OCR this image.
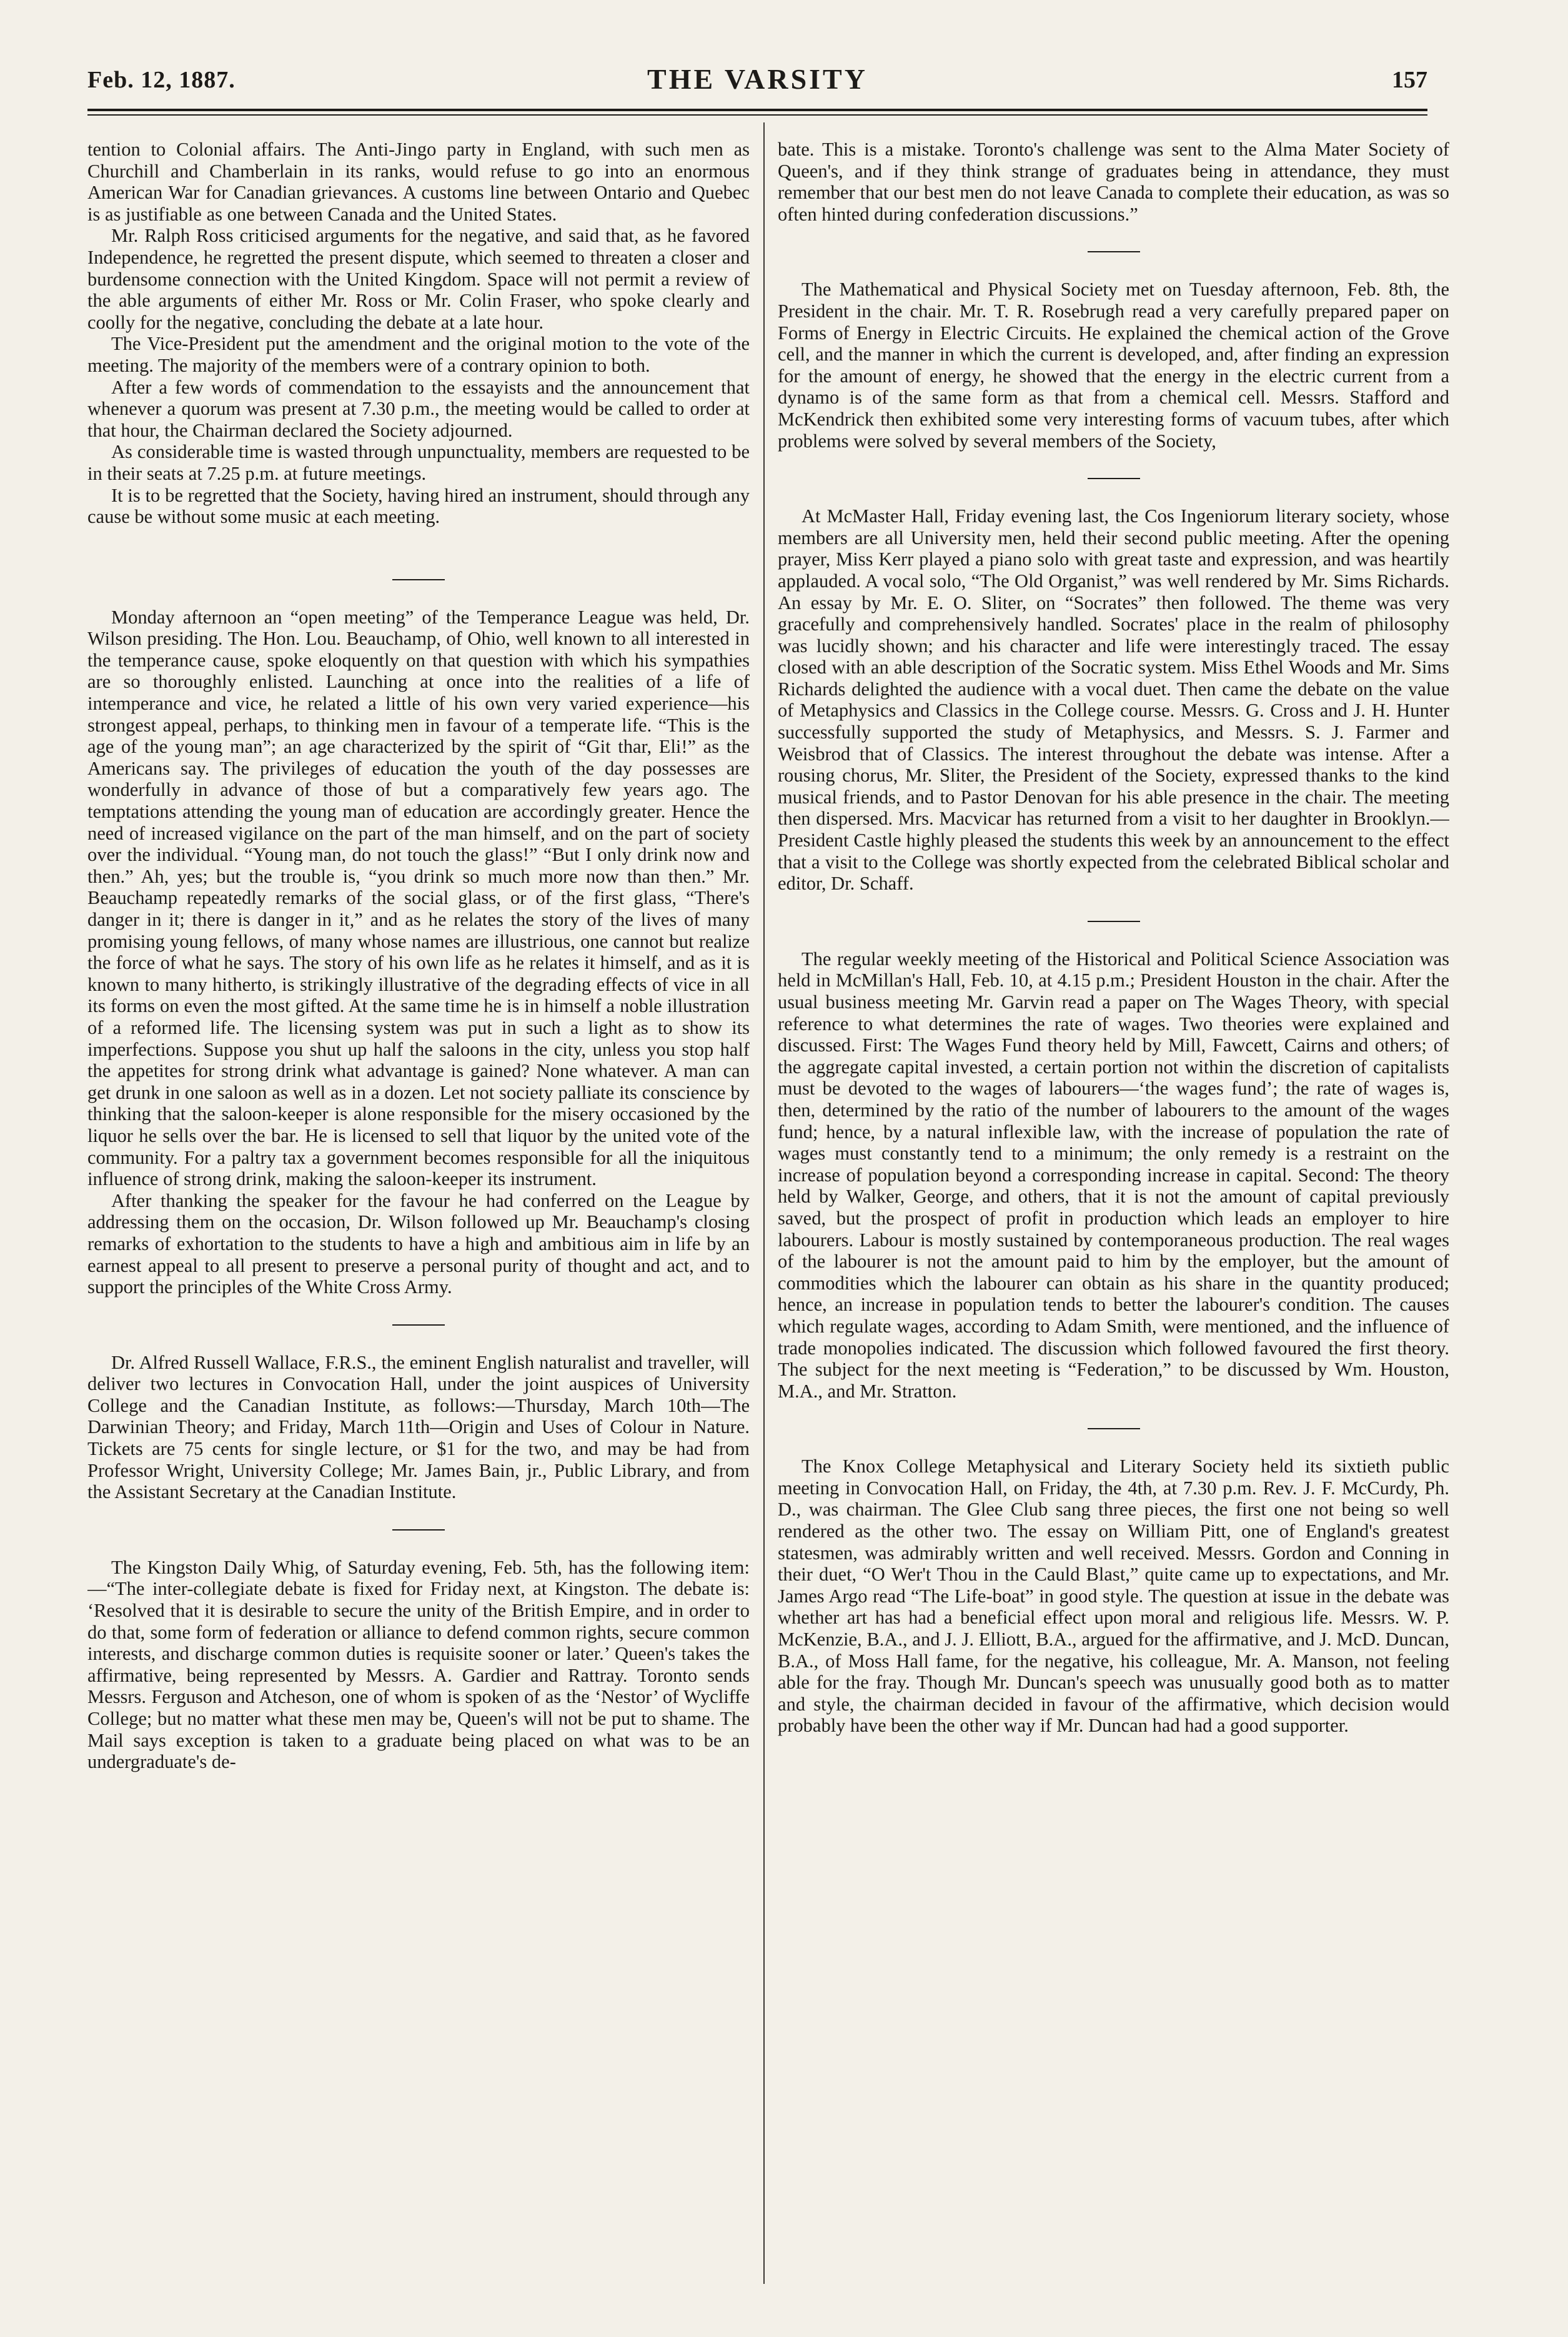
Feb. 12, 1887.	THE VARSITY	157

tention to Colonial affairs. The Anti-Jingo party in England, with such men as Churchill and Chamberlain in its ranks, would refuse to go into an enormous American War for Canadian grievances. A customs line between Ontario and Quebec is as justifiable as one between Canada and the United States.

Mr. Ralph Ross criticised arguments for the negative, and said that, as he favored Independence, he regretted the present dispute, which seemed to threaten a closer and burdensome connection with the United Kingdom. Space will not permit a review of the able arguments of either Mr. Ross or Mr. Colin Fraser, who spoke clearly and coolly for the negative, concluding the debate at a late hour.

The Vice-President put the amendment and the original motion to the vote of the meeting. The majority of the members were of a contrary opinion to both.

After a few words of commendation to the essayists and the announcement that whenever a quorum was present at 7.30 p.m., the meeting would be called to order at that hour, the Chairman declared the Society adjourned.

As considerable time is wasted through unpunctuality, members are requested to be in their seats at 7.25 p.m. at future meetings.

It is to be regretted that the Society, having hired an instrument, should through any cause be without some music at each meeting.

Monday afternoon an “open meeting” of the Temperance League was held, Dr. Wilson presiding. The Hon. Lou. Beauchamp, of Ohio, well known to all interested in the temperance cause, spoke eloquently on that question with which his sympathies are so thoroughly enlisted. Launching at once into the realities of a life of intemperance and vice, he related a little of his own very varied experience—his strongest appeal, perhaps, to thinking men in favour of a temperate life. “This is the age of the young man”; an age characterized by the spirit of “Git thar, Eli!” as the Americans say. The privileges of education the youth of the day possesses are wonderfully in advance of those of but a comparatively few years ago. The temptations attending the young man of education are accordingly greater. Hence the need of increased vigilance on the part of the man himself, and on the part of society over the individual. “Young man, do not touch the glass!” “But I only drink now and then.” Ah, yes; but the trouble is, “you drink so much more now than then.” Mr. Beauchamp repeatedly remarks of the social glass, or of the first glass, “There's danger in it; there is danger in it,” and as he relates the story of the lives of many promising young fellows, of many whose names are illustrious, one cannot but realize the force of what he says. The story of his own life as he relates it himself, and as it is known to many hitherto, is strikingly illustrative of the degrading effects of vice in all its forms on even the most gifted. At the same time he is in himself a noble illustration of a reformed life. The licensing system was put in such a light as to show its imperfections. Suppose you shut up half the saloons in the city, unless you stop half the appetites for strong drink what advantage is gained? None whatever. A man can get drunk in one saloon as well as in a dozen. Let not society palliate its conscience by thinking that the saloon-keeper is alone responsible for the misery occasioned by the liquor he sells over the bar. He is licensed to sell that liquor by the united vote of the community. For a paltry tax a government becomes responsible for all the iniquitous influence of strong drink, making the saloon-keeper its instrument.

After thanking the speaker for the favour he had conferred on the League by addressing them on the occasion, Dr. Wilson followed up Mr. Beauchamp's closing remarks of exhortation to the students to have a high and ambitious aim in life by an earnest appeal to all present to preserve a personal purity of thought and act, and to support the principles of the White Cross Army.

Dr. Alfred Russell Wallace, F.R.S., the eminent English naturalist and traveller, will deliver two lectures in Convocation Hall, under the joint auspices of University College and the Canadian Institute, as follows:—Thursday, March 10th—The Darwinian Theory; and Friday, March 11th—Origin and Uses of Colour in Nature. Tickets are 75 cents for single lecture, or $1 for the two, and may be had from Professor Wright, University College; Mr. James Bain, jr., Public Library, and from the Assistant Secretary at the Canadian Institute.

The Kingston Daily Whig, of Saturday evening, Feb. 5th, has the following item:—“The inter-collegiate debate is fixed for Friday next, at Kingston. The debate is: ‘Resolved that it is desirable to secure the unity of the British Empire, and in order to do that, some form of federation or alliance to defend common rights, secure common interests, and discharge common duties is requisite sooner or later.’ Queen's takes the affirmative, being represented by Messrs. A. Gardier and Rattray. Toronto sends Messrs. Ferguson and Atcheson, one of whom is spoken of as the ‘Nestor’ of Wycliffe College; but no matter what these men may be, Queen's will not be put to shame. The Mail says exception is taken to a graduate being placed on what was to be an undergraduate's de-

bate. This is a mistake. Toronto's challenge was sent to the Alma Mater Society of Queen's, and if they think strange of graduates being in attendance, they must remember that our best men do not leave Canada to complete their education, as was so often hinted during confederation discussions.”

The Mathematical and Physical Society met on Tuesday afternoon, Feb. 8th, the President in the chair. Mr. T. R. Rosebrugh read a very carefully prepared paper on Forms of Energy in Electric Circuits. He explained the chemical action of the Grove cell, and the manner in which the current is developed, and, after finding an expression for the amount of energy, he showed that the energy in the electric current from a dynamo is of the same form as that from a chemical cell. Messrs. Stafford and McKendrick then exhibited some very interesting forms of vacuum tubes, after which problems were solved by several members of the Society,

At McMaster Hall, Friday evening last, the Cos Ingeniorum literary society, whose members are all University men, held their second public meeting. After the opening prayer, Miss Kerr played a piano solo with great taste and expression, and was heartily applauded. A vocal solo, “The Old Organist,” was well rendered by Mr. Sims Richards. An essay by Mr. E. O. Sliter, on “Socrates” then followed. The theme was very gracefully and comprehensively handled. Socrates' place in the realm of philosophy was lucidly shown; and his character and life were interestingly traced. The essay closed with an able description of the Socratic system. Miss Ethel Woods and Mr. Sims Richards delighted the audience with a vocal duet. Then came the debate on the value of Metaphysics and Classics in the College course. Messrs. G. Cross and J. H. Hunter successfully supported the study of Metaphysics, and Messrs. S. J. Farmer and Weisbrod that of Classics. The interest throughout the debate was intense. After a rousing chorus, Mr. Sliter, the President of the Society, expressed thanks to the kind musical friends, and to Pastor Denovan for his able presence in the chair. The meeting then dispersed. Mrs. Macvicar has returned from a visit to her daughter in Brooklyn.—President Castle highly pleased the students this week by an announcement to the effect that a visit to the College was shortly expected from the celebrated Biblical scholar and editor, Dr. Schaff.

The regular weekly meeting of the Historical and Political Science Association was held in McMillan's Hall, Feb. 10, at 4.15 p.m.; President Houston in the chair. After the usual business meeting Mr. Garvin read a paper on The Wages Theory, with special reference to what determines the rate of wages. Two theories were explained and discussed. First: The Wages Fund theory held by Mill, Fawcett, Cairns and others; of the aggregate capital invested, a certain portion not within the discretion of capitalists must be devoted to the wages of labourers—‘the wages fund’; the rate of wages is, then, determined by the ratio of the number of labourers to the amount of the wages fund; hence, by a natural inflexible law, with the increase of population the rate of wages must constantly tend to a minimum; the only remedy is a restraint on the increase of population beyond a corresponding increase in capital. Second: The theory held by Walker, George, and others, that it is not the amount of capital previously saved, but the prospect of profit in production which leads an employer to hire labourers. Labour is mostly sustained by contemporaneous production. The real wages of the labourer is not the amount paid to him by the employer, but the amount of commodities which the labourer can obtain as his share in the quantity produced; hence, an increase in population tends to better the labourer's condition. The causes which regulate wages, according to Adam Smith, were mentioned, and the influence of trade monopolies indicated. The discussion which followed favoured the first theory. The subject for the next meeting is “Federation,” to be discussed by Wm. Houston, M.A., and Mr. Stratton.

The Knox College Metaphysical and Literary Society held its sixtieth public meeting in Convocation Hall, on Friday, the 4th, at 7.30 p.m. Rev. J. F. McCurdy, Ph. D., was chairman. The Glee Club sang three pieces, the first one not being so well rendered as the other two. The essay on William Pitt, one of England's greatest statesmen, was admirably written and well received. Messrs. Gordon and Conning in their duet, “O Wer't Thou in the Cauld Blast,” quite came up to expectations, and Mr. James Argo read “The Life-boat” in good style. The question at issue in the debate was whether art has had a beneficial effect upon moral and religious life. Messrs. W. P. McKenzie, B.A., and J. J. Elliott, B.A., argued for the affirmative, and J. McD. Duncan, B.A., of Moss Hall fame, for the negative, his colleague, Mr. A. Manson, not feeling able for the fray. Though Mr. Duncan's speech was unusually good both as to matter and style, the chairman decided in favour of the affirmative, which decision would probably have been the other way if Mr. Duncan had had a good supporter.
